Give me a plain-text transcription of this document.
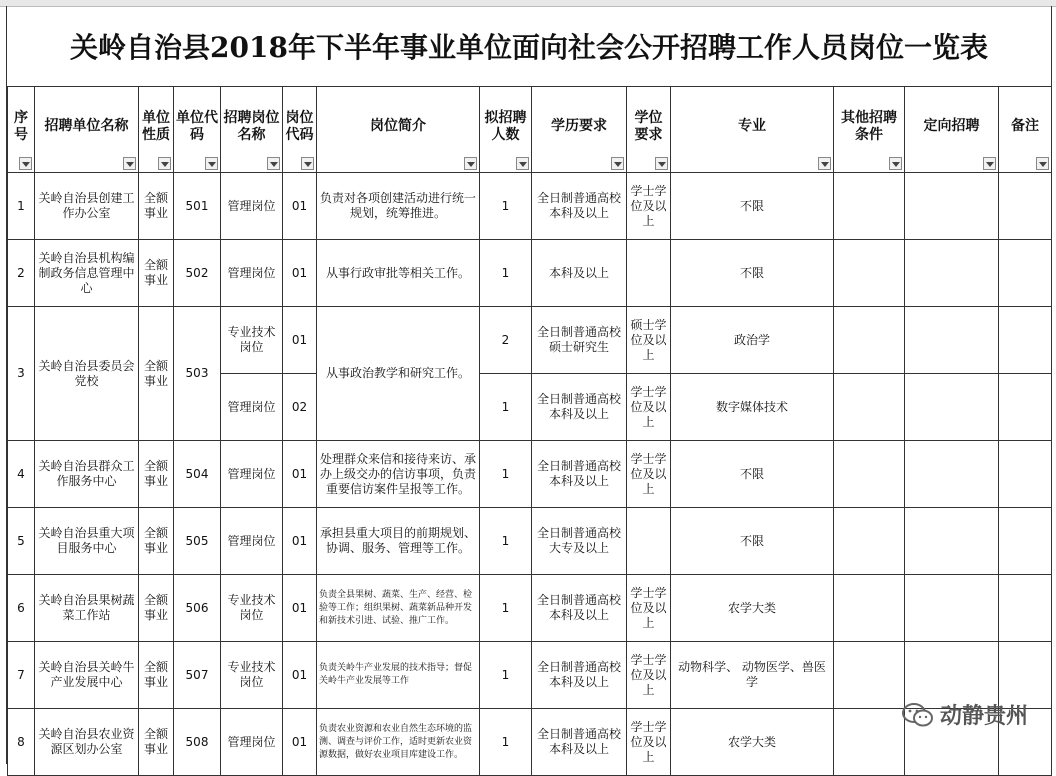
关岭自治县2018年下半年事业单位面向社会公开招聘工作人员岗位一览表
序号	招聘单位名称	单位性质	单位代码	招聘岗位名称	岗位代码	岗位简介	拟招聘人数	学历要求	学位要求	专业	其他招聘条件	定向招聘	备注

1	关岭自治县创建工作办公室	全额事业	501	管理岗位	01	负责对各项创建活动进行统一规划，统筹推进。	1	全日制普通高校本科及以上	学士学位及以上	不限			
2	关岭自治县机构编制政务信息管理中心	全额事业	502	管理岗位	01	从事行政审批等相关工作。	1	本科及以上		不限			
3	关岭自治县委员会党校	全额事业	503	专业技术岗位	01	从事政治教学和研究工作。	2	全日制普通高校硕士研究生	硕士学位及以上	政治学			
				管理岗位	02		1	全日制普通高校本科及以上	学士学位及以上	数字媒体技术			
4	关岭自治县群众工作服务中心	全额事业	504	管理岗位	01	处理群众来信和接待来访、承办上级交办的信访事项，负责重要信访案件呈报等工作。	1	全日制普通高校本科及以上	学士学位及以上	不限			
5	关岭自治县重大项目服务中心	全额事业	505	管理岗位	01	承担县重大项目的前期规划、协调、服务、管理等工作。	1	全日制普通高校大专及以上		不限			
6	关岭自治县果树蔬菜工作站	全额事业	506	专业技术岗位	01	负责全县果树、蔬菜、生产、经营、检验等工作；组织果树、蔬菜新品种开发和新技术引进、试验、推广工作。	1	全日制普通高校本科及以上	学士学位及以上	农学大类			
7	关岭自治县关岭牛产业发展中心	全额事业	507	专业技术岗位	01	负责关岭牛产业发展的技术指导；督促关岭牛产业发展等工作	1	全日制普通高校本科及以上	学士学位及以上	动物科学、 动物医学、兽医学			
8	关岭自治县农业资源区划办公室	全额事业	508	管理岗位	01	负责农业资源和农业自然生态环境的监测、调查与评价工作，适时更新农业资源数据，做好农业项目库建设工作。	1	全日制普通高校本科及以上	学士学位及以上	农学大类			
动静贵州
